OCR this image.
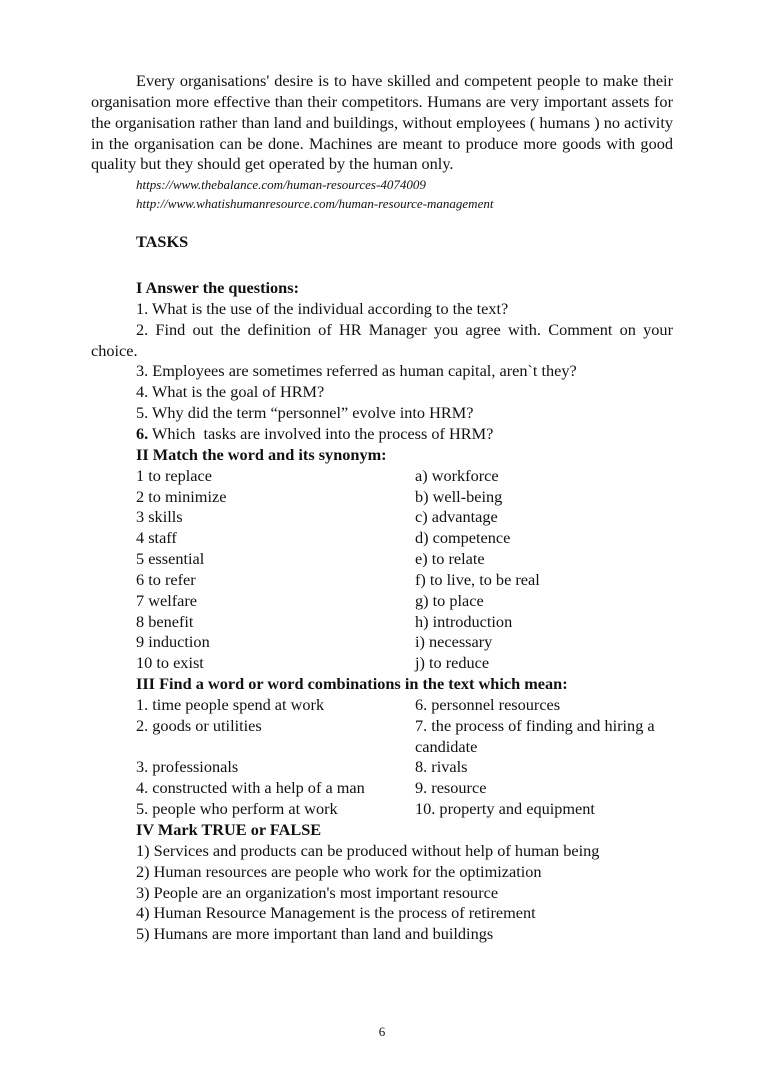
Every organisations' desire is to have skilled and competent people to make their organisation more effective than their competitors. Humans are very important assets for the organisation rather than land and buildings, without employees ( humans ) no activity in the organisation can be done. Machines are meant to produce more goods with good quality but they should get operated by the human only.

https://www.thebalance.com/human-resources-4074009
http://www.whatishumanresource.com/human-resource-management
TASKS
I Answer the questions:
1. What is the use of the individual according to the text?
2. Find out the definition of HR Manager you agree with. Comment on your choice.
3. Employees are sometimes referred as human capital, aren`t they?
4. What is the goal of HRM?
5. Why did the term “personnel” evolve into HRM?
6. Which  tasks are involved into the process of HRM?
II Match the word and its synonym:
1 to replace	a) workforce
2 to minimize	b) well-being
3 skills	c) advantage
4 staff	d) competence
5 essential	e) to relate
6 to refer	f) to live, to be real
7 welfare	g) to place
8 benefit	h) introduction
9 induction	i) necessary
10 to exist	j) to reduce
III Find a word or word combinations in the text which mean:
1. time people spend at work	6. personnel resources
2. goods or utilities	7. the process of finding and hiring a candidate
3. professionals	8. rivals
4. constructed with a help of a man	9. resource
5. people who perform at work	10. property and equipment
IV Mark TRUE or FALSE
1) Services and products can be produced without help of human being
2) Human resources are people who work for the optimization
3) People are an organization's most important resource
4) Human Resource Management is the process of retirement
5) Humans are more important than land and buildings
6
